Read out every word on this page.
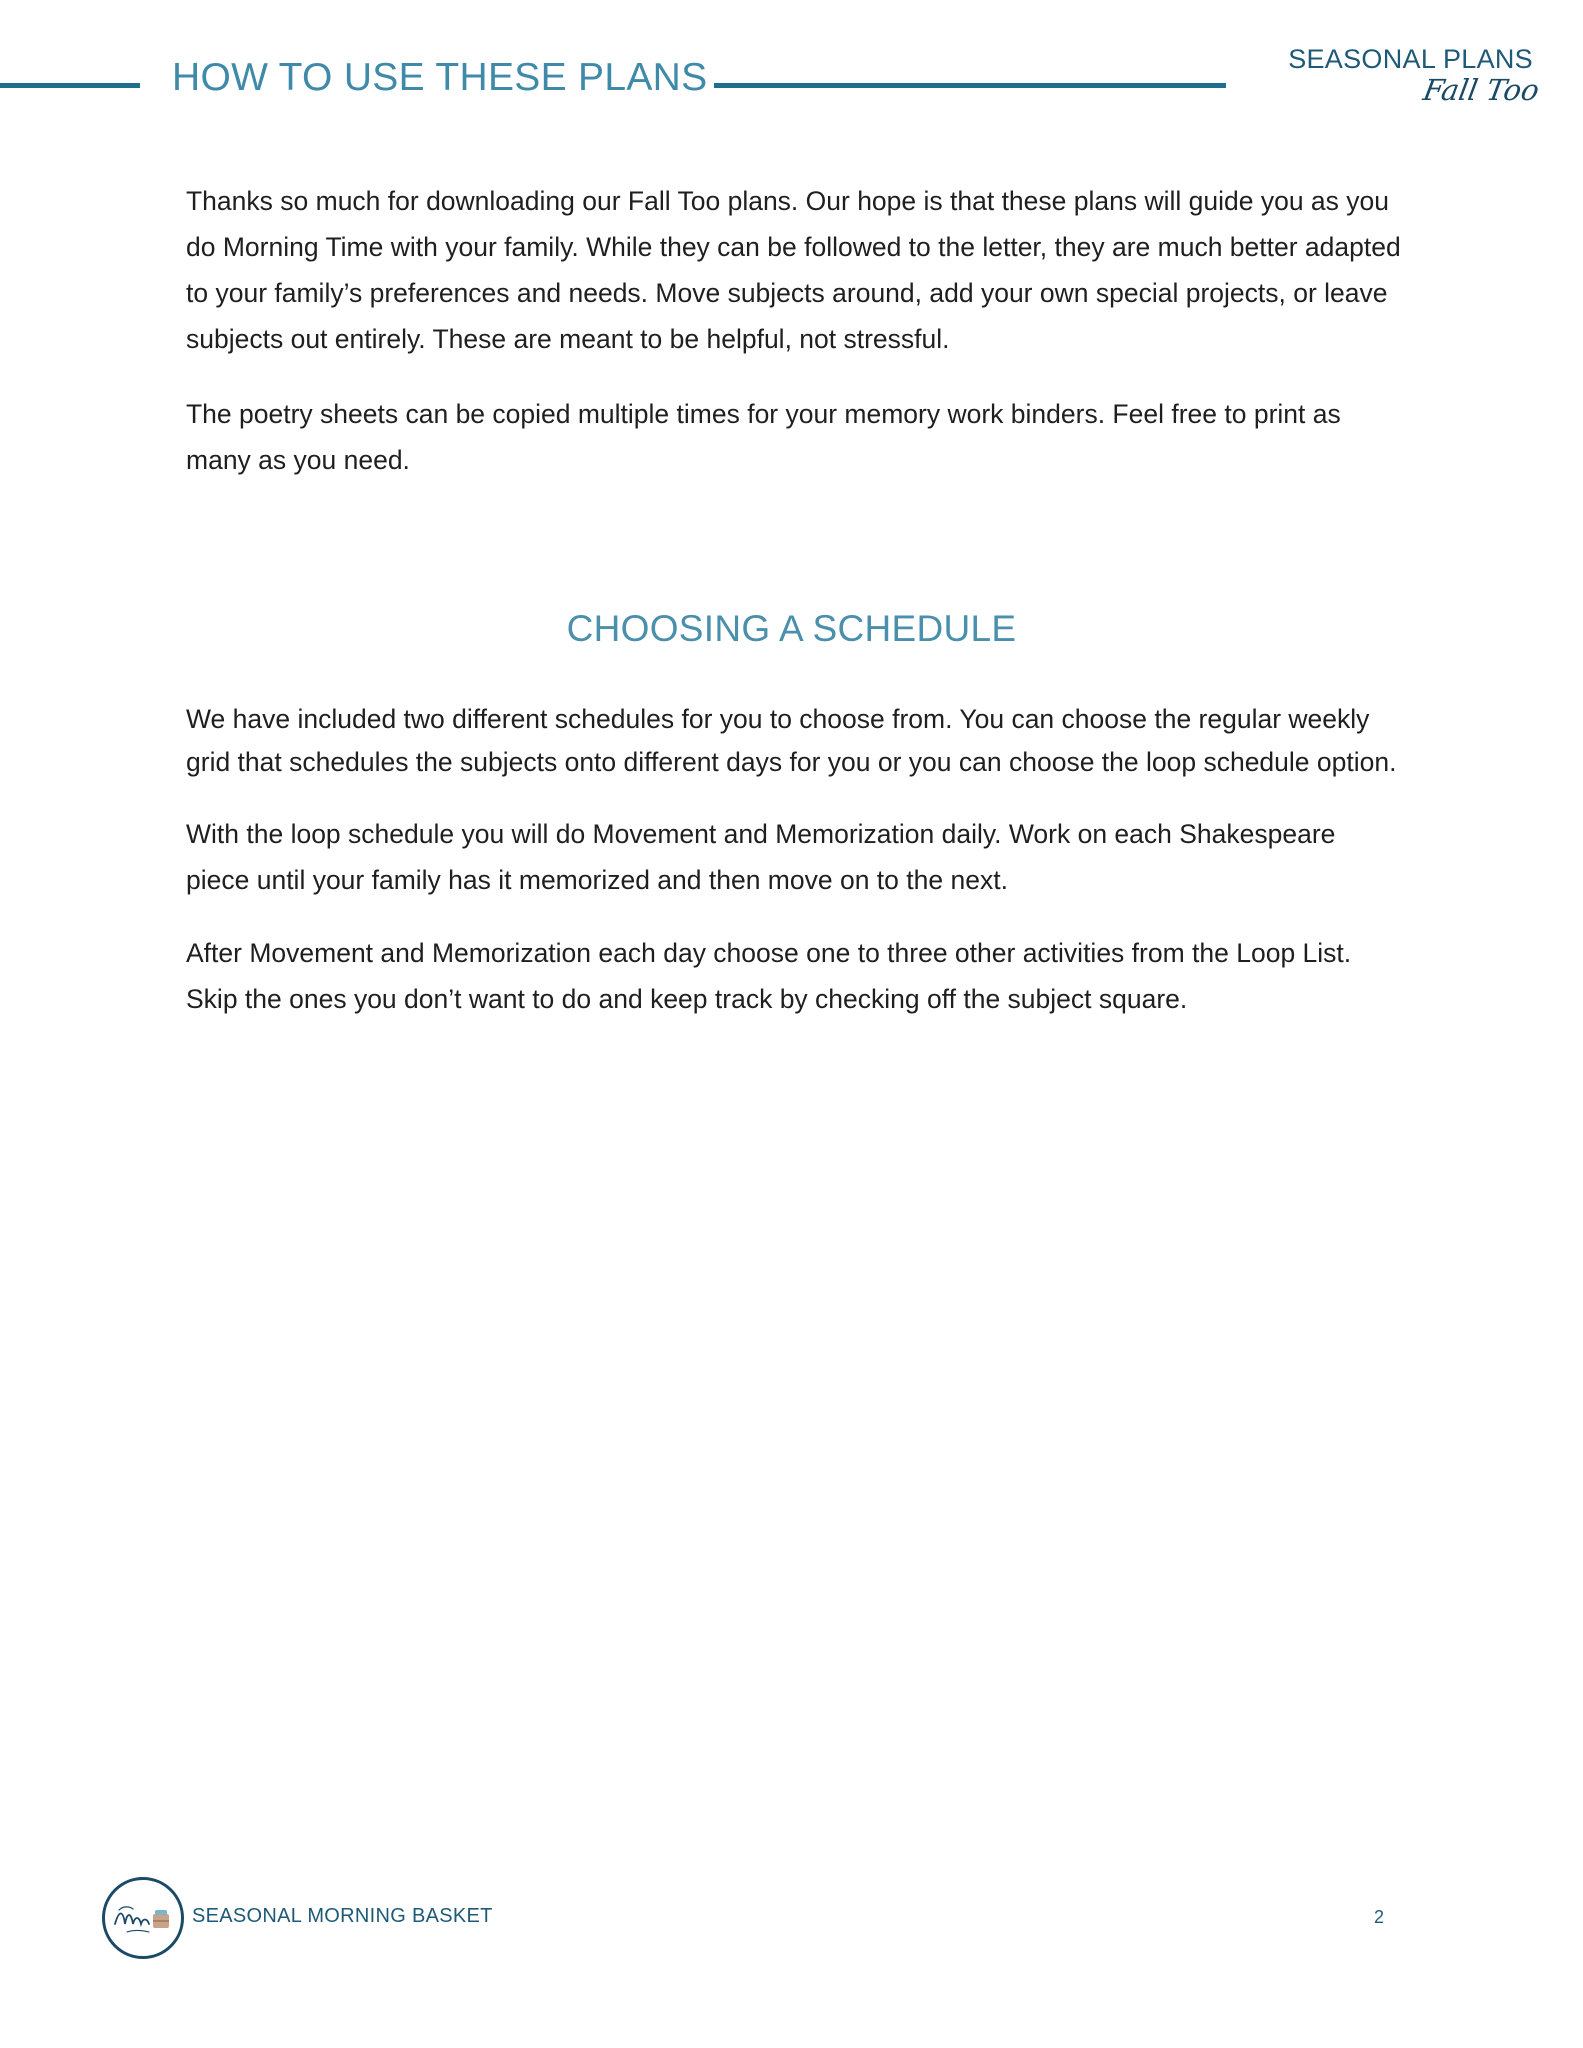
HOW TO USE THESE PLANS	SEASONAL PLANS
Fall Too

Thanks so much for downloading our Fall Too plans. Our hope is that these plans will guide you as you do Morning Time with your family. While they can be followed to the letter, they are much better adapted to your family’s preferences and needs. Move subjects around, add your own special projects, or leave subjects out entirely. These are meant to be helpful, not stressful.

The poetry sheets can be copied multiple times for your memory work binders. Feel free to print as many as you need.

CHOOSING A SCHEDULE

We have included two different schedules for you to choose from. You can choose the regular weekly grid that schedules the subjects onto different days for you or you can choose the loop schedule option.

With the loop schedule you will do Movement and Memorization daily. Work on each Shakespeare piece until your family has it memorized and then move on to the next.

After Movement and Memorization each day choose one to three other activities from the Loop List. Skip the ones you don’t want to do and keep track by checking off the subject square.

SEASONAL MORNING BASKET	2
